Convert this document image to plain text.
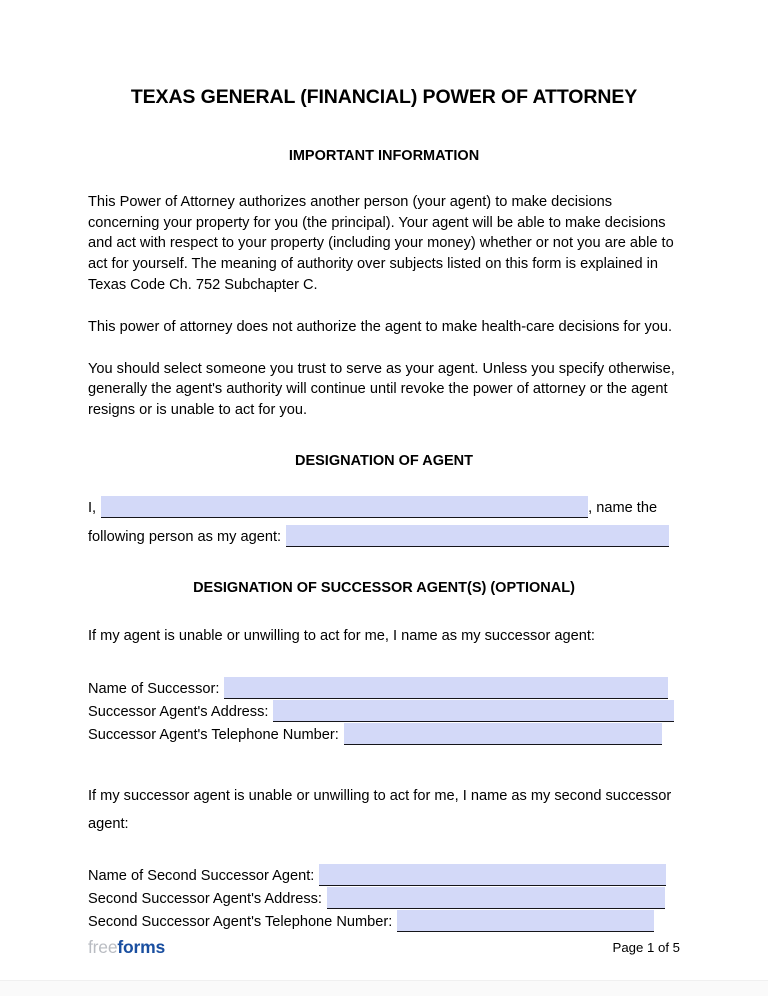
TEXAS GENERAL (FINANCIAL) POWER OF ATTORNEY
IMPORTANT INFORMATION

This Power of Attorney authorizes another person (your agent) to make decisions concerning your property for you (the principal). Your agent will be able to make decisions and act with respect to your property (including your money) whether or not you are able to act for yourself. The meaning of authority over subjects listed on this form is explained in Texas Code Ch. 752 Subchapter C.

This power of attorney does not authorize the agent to make health-care decisions for you.

You should select someone you trust to serve as your agent. Unless you specify otherwise, generally the agent's authority will continue until revoke the power of attorney or the agent resigns or is unable to act for you.

DESIGNATION OF AGENT
I,	, name the
following person as my agent:
DESIGNATION OF SUCCESSOR AGENT(S) (OPTIONAL)

If my agent is unable or unwilling to act for me, I name as my successor agent:

Name of Successor:
Successor Agent's Address:
Successor Agent's Telephone Number:

If my successor agent is unable or unwilling to act for me, I name as my second successor agent:

Name of Second Successor Agent:
Second Successor Agent's Address:
Second Successor Agent's Telephone Number:
freeforms	Page 1 of 5
